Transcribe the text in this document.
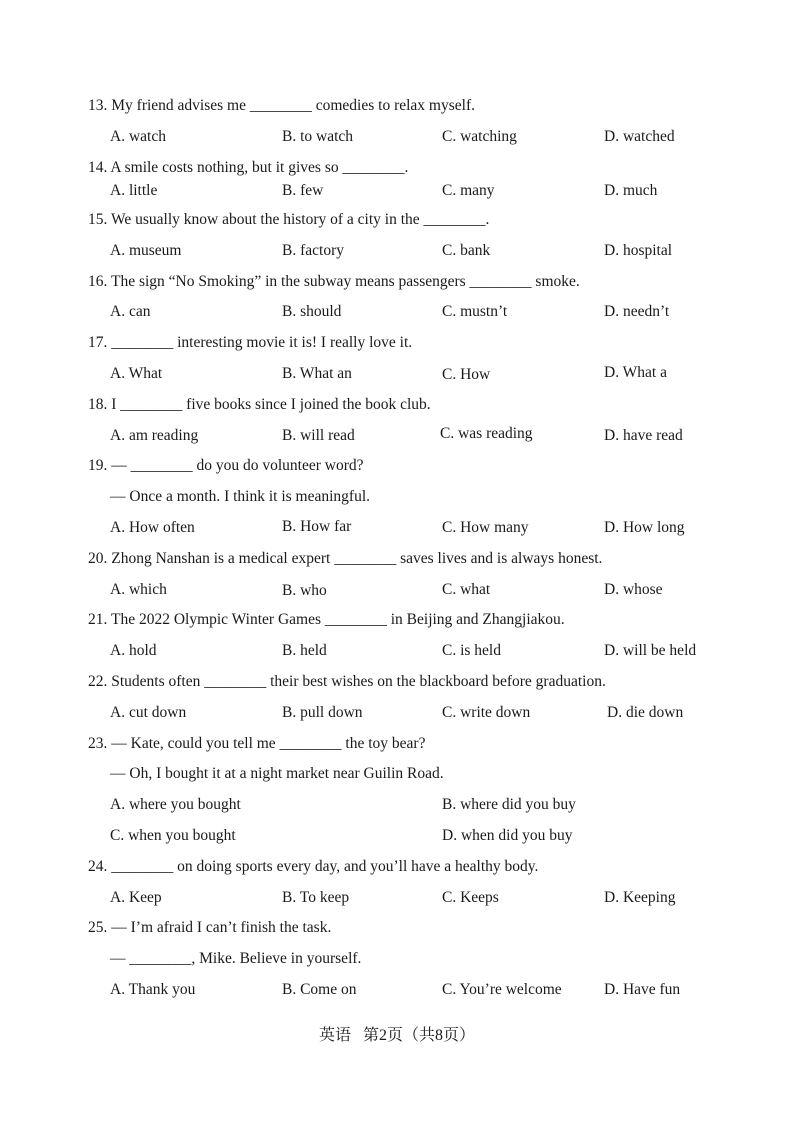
13. My friend advises me ________ comedies to relax myself.
A. watch	B. to watch	C. watching	D. watched
14. A smile costs nothing, but it gives so ________.
A. little	B. few	C. many	D. much
15. We usually know about the history of a city in the ________.
A. museum	B. factory	C. bank	D. hospital
16. The sign “No Smoking” in the subway means passengers ________ smoke.
A. can	B. should	C. mustn’t	D. needn’t
17. ________ interesting movie it is! I really love it.
A. What	B. What an	C. How	D. What a
18. I ________ five books since I joined the book club.
A. am reading	B. will read	C. was reading	D. have read
19. — ________ do you do volunteer word?
— Once a month. I think it is meaningful.
A. How often	B. How far	C. How many	D. How long
20. Zhong Nanshan is a medical expert ________ saves lives and is always honest.
A. which	B. who	C. what	D. whose
21. The 2022 Olympic Winter Games ________ in Beijing and Zhangjiakou.
A. hold	B. held	C. is held	D. will be held
22. Students often ________ their best wishes on the blackboard before graduation.
A. cut down	B. pull down	C. write down	D. die down
23. — Kate, could you tell me ________ the toy bear?
— Oh, I bought it at a night market near Guilin Road.
A. where you bought	B. where did you buy
C. when you bought	D. when did you buy
24. ________ on doing sports every day, and you’ll have a healthy body.
A. Keep	B. To keep	C. Keeps	D. Keeping
25. — I’m afraid I can’t finish the task.
— ________, Mike. Believe in yourself.
A. Thank you	B. Come on	C. You’re welcome	D. Have fun
英语   第2页（共8页）
